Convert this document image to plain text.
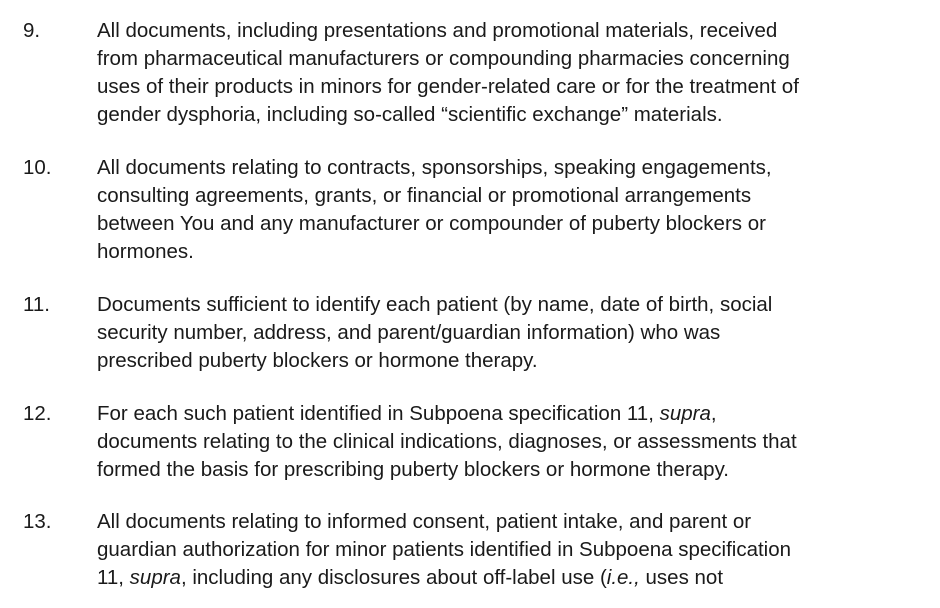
9.	All documents, including presentations and promotional materials, received
from pharmaceutical manufacturers or compounding pharmacies concerning
uses of their products in minors for gender-related care or for the treatment of
gender dysphoria, including so-called “scientific exchange” materials.
10.	All documents relating to contracts, sponsorships, speaking engagements,
consulting agreements, grants, or financial or promotional arrangements
between You and any manufacturer or compounder of puberty blockers or
hormones.
11.	Documents sufficient to identify each patient (by name, date of birth, social
security number, address, and parent/guardian information) who was
prescribed puberty blockers or hormone therapy.
12.	For each such patient identified in Subpoena specification 11, supra,
documents relating to the clinical indications, diagnoses, or assessments that
formed the basis for prescribing puberty blockers or hormone therapy.
13.	All documents relating to informed consent, patient intake, and parent or
guardian authorization for minor patients identified in Subpoena specification
11, supra, including any disclosures about off-label use (i.e., uses not
